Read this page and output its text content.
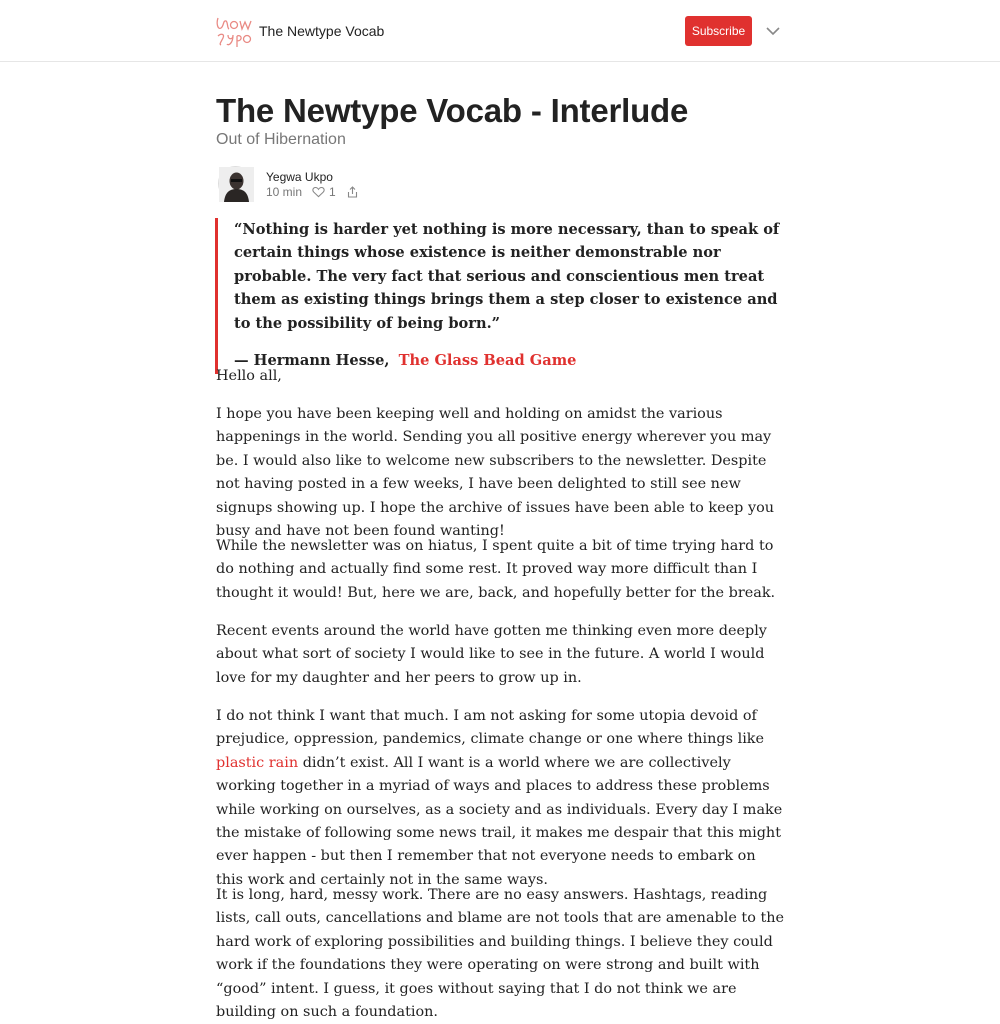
The Newtype Vocab	Subscribe
The Newtype Vocab - Interlude
Out of Hibernation
Yegwa Ukpo
10 min 1

“Nothing is harder yet nothing is more necessary, than to speak of certain things whose existence is neither demonstrable nor probable. The very fact that serious and conscientious men treat them as existing things brings them a step closer to existence and to the possibility of being born.”

— Hermann Hesse, The Glass Bead Game

Hello all,

I hope you have been keeping well and holding on amidst the various happenings in the world. Sending you all positive energy wherever you may be. I would also like to welcome new subscribers to the newsletter. Despite not having posted in a few weeks, I have been delighted to still see new signups showing up. I hope the archive of issues have been able to keep you busy and have not been found wanting!

While the newsletter was on hiatus, I spent quite a bit of time trying hard to do nothing and actually find some rest. It proved way more difficult than I thought it would! But, here we are, back, and hopefully better for the break.

Recent events around the world have gotten me thinking even more deeply about what sort of society I would like to see in the future. A world I would love for my daughter and her peers to grow up in.

I do not think I want that much. I am not asking for some utopia devoid of prejudice, oppression, pandemics, climate change or one where things like plastic rain didn’t exist. All I want is a world where we are collectively working together in a myriad of ways and places to address these problems while working on ourselves, as a society and as individuals. Every day I make the mistake of following some news trail, it makes me despair that this might ever happen - but then I remember that not everyone needs to embark on this work and certainly not in the same ways.

It is long, hard, messy work. There are no easy answers. Hashtags, reading lists, call outs, cancellations and blame are not tools that are amenable to the hard work of exploring possibilities and building things. I believe they could work if the foundations they were operating on were strong and built with “good” intent. I guess, it goes without saying that I do not think we are building on such a foundation.
